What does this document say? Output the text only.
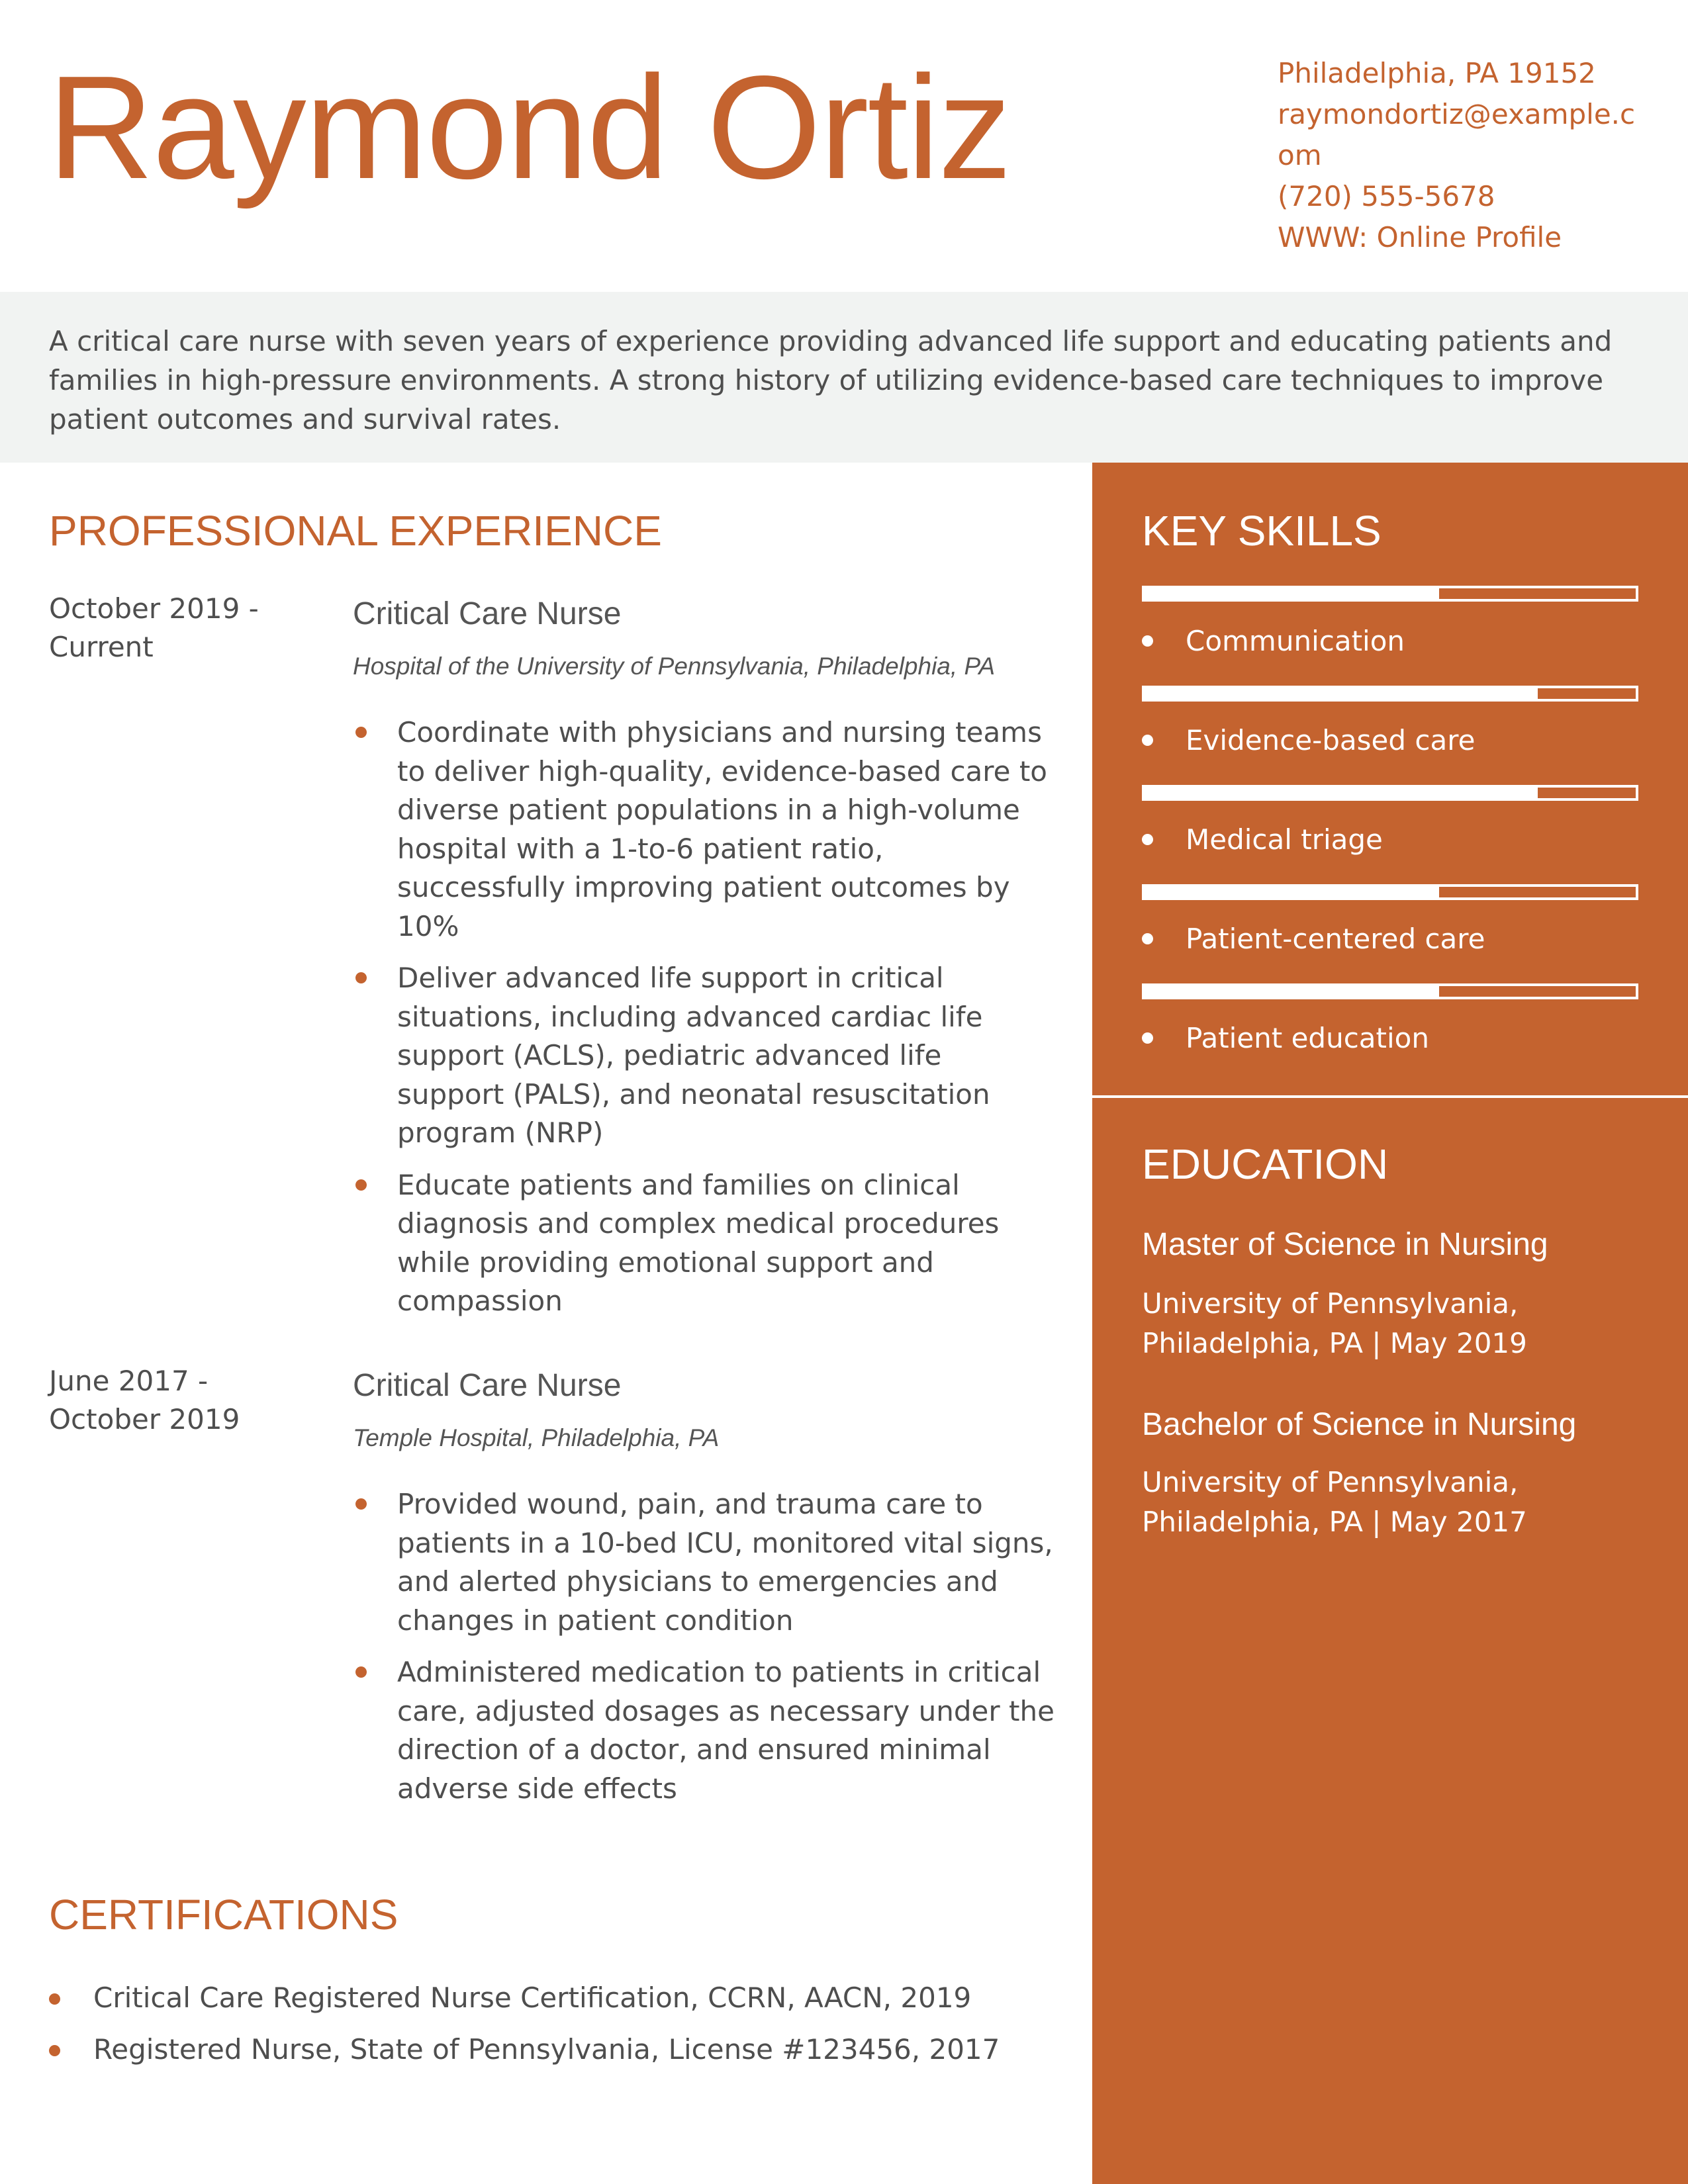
Raymond Ortiz	Philadelphia, PA 19152
raymondortiz@example.com
(720) 555-5678
WWW: Online Profile
A critical care nurse with seven years of experience providing advanced life support and educating patients and families in high-pressure environments. A strong history of utilizing evidence-based care techniques to improve patient outcomes and survival rates.
KEY SKILLS
Communication
Evidence-based care
Medical triage
Patient-centered care
Patient education
EDUCATION
Master of Science in Nursing
University of Pennsylvania, Philadelphia, PA | May 2019
Bachelor of Science in Nursing
University of Pennsylvania, Philadelphia, PA | May 2017
PROFESSIONAL EXPERIENCE
October 2019 - Current
Critical Care Nurse
Hospital of the University of Pennsylvania, Philadelphia, PA
Coordinate with physicians and nursing teams to deliver high-quality, evidence-based care to diverse patient populations in a high-volume hospital with a 1-to-6 patient ratio, successfully improving patient outcomes by 10%
Deliver advanced life support in critical situations, including advanced cardiac life support (ACLS), pediatric advanced life support (PALS), and neonatal resuscitation program (NRP)
Educate patients and families on clinical diagnosis and complex medical procedures while providing emotional support and compassion
June 2017 - October 2019
Critical Care Nurse
Temple Hospital, Philadelphia, PA
Provided wound, pain, and trauma care to patients in a 10-bed ICU, monitored vital signs, and alerted physicians to emergencies and changes in patient condition
Administered medication to patients in critical care, adjusted dosages as necessary under the direction of a doctor, and ensured minimal adverse side effects
CERTIFICATIONS
Critical Care Registered Nurse Certification, CCRN, AACN, 2019
Registered Nurse, State of Pennsylvania, License #123456, 2017
